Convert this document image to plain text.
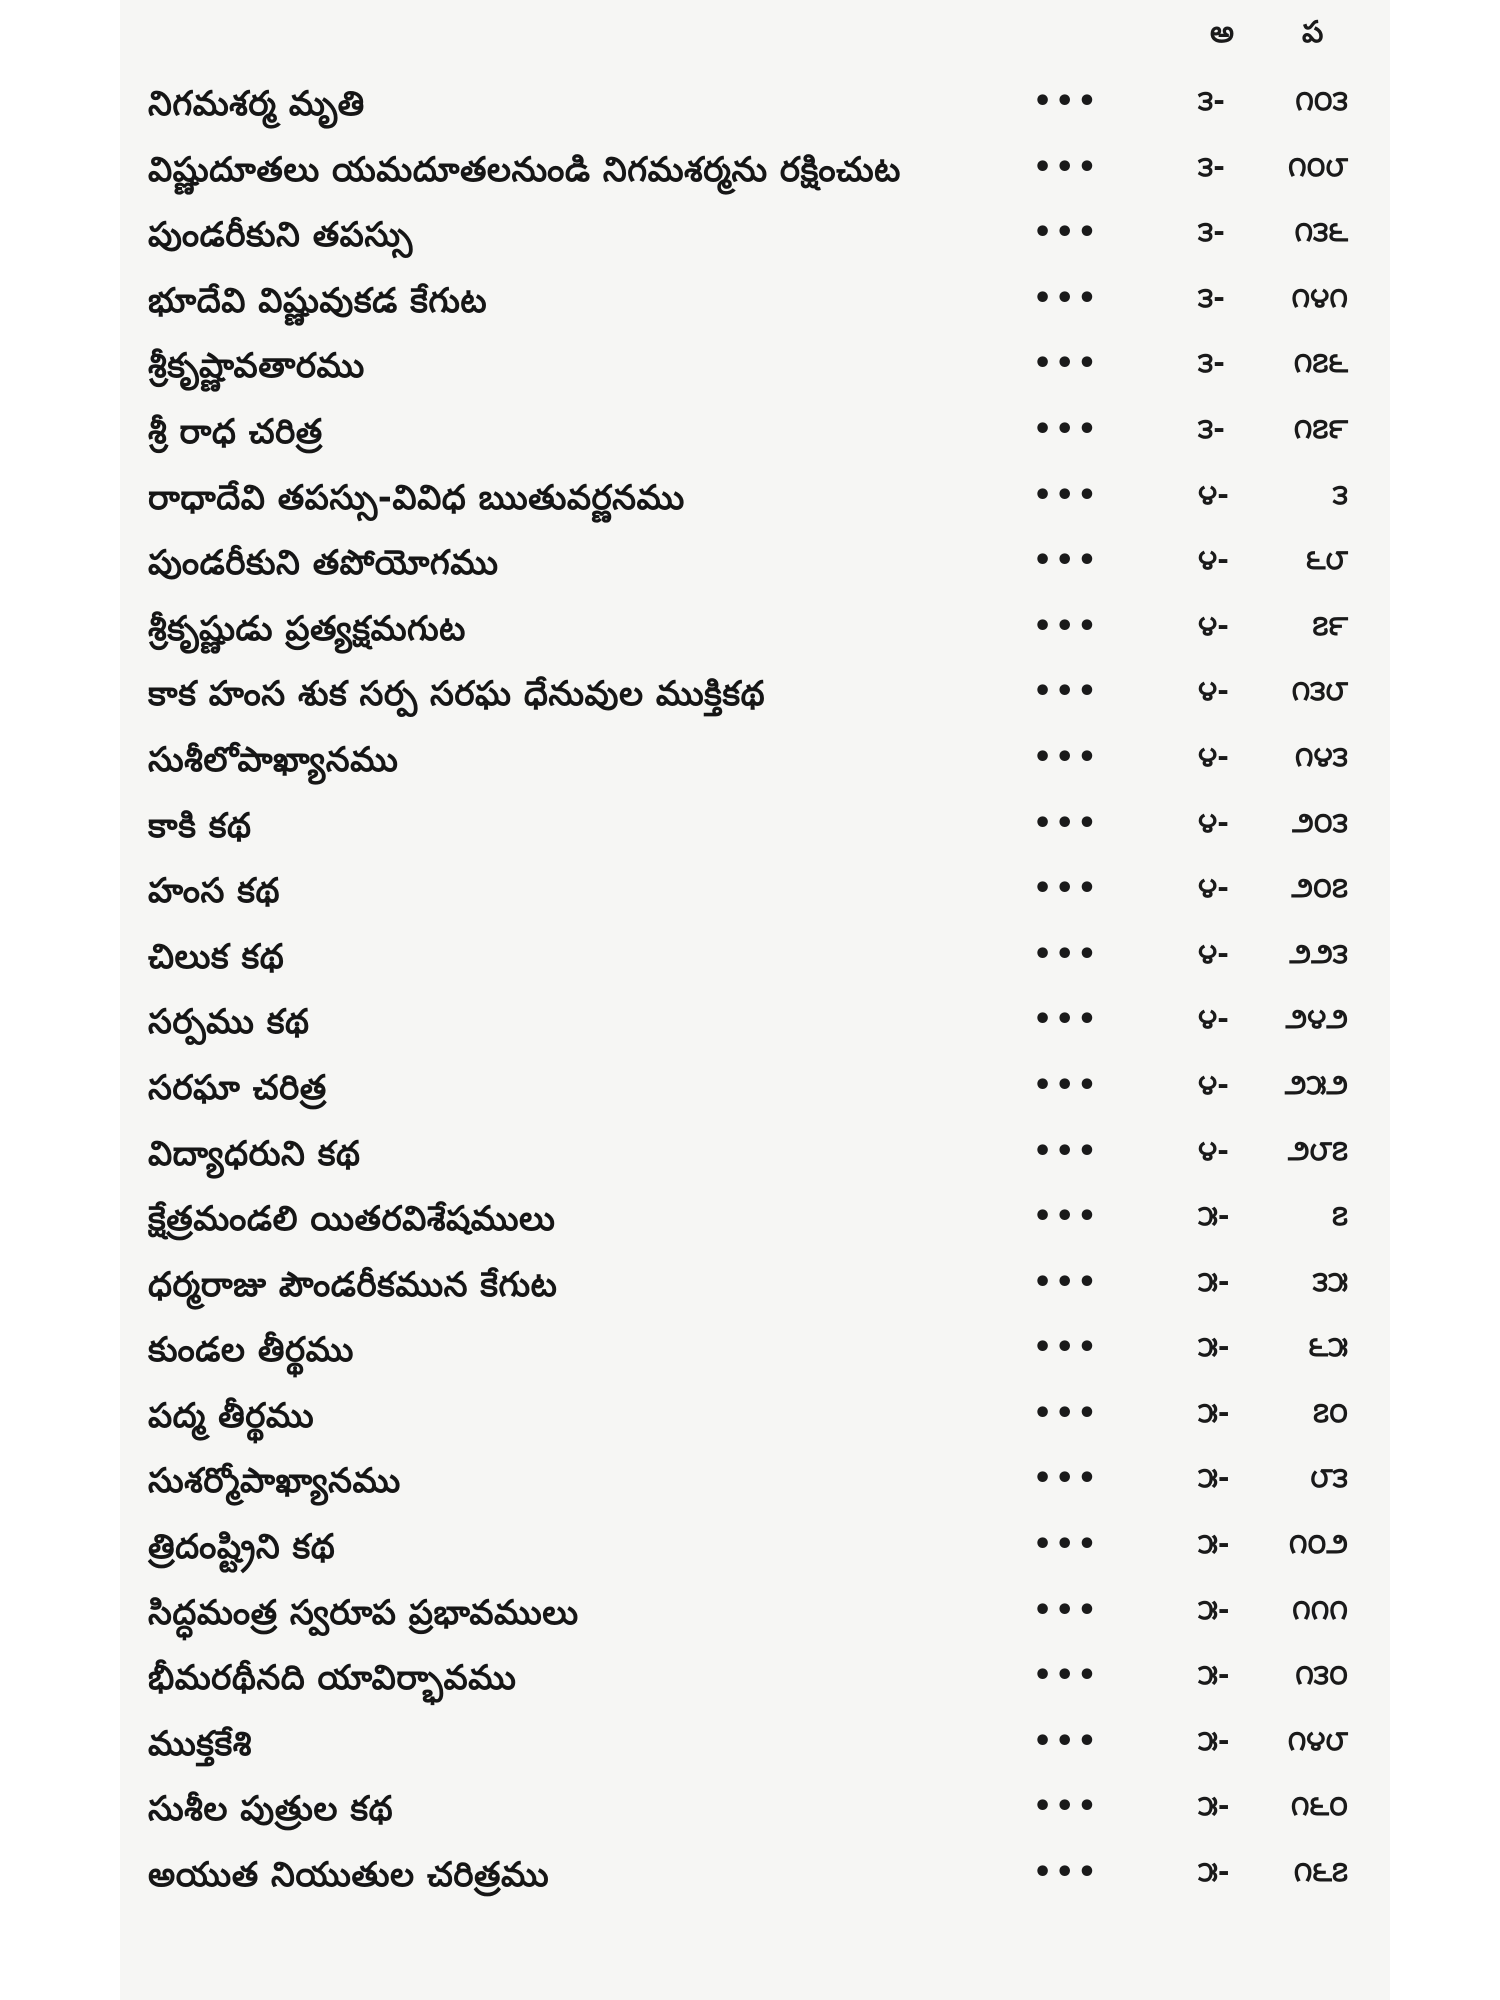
అ ప
నిగమశర్మ మృతి	•••	౩-	౧౦౩
విష్ణుదూతలు యమదూతలనుండి నిగమశర్మను రక్షించుట	•••	౩- ౧౦౮
పుండరీకుని తపస్సు	•••	౩- ౧౩౬
భూదేవి విష్ణువుకడ కేగుట	•••	౩- ౧౪౧
శ్రీకృష్ణావతారము	•••	౩- ౧౭౬
శ్రీ రాధ చరిత్ర	•••	౩- ౧౭౯
రాధాదేవి తపస్సు-వివిధ ఋతువర్ణనము	•••	౪-	౩
పుండరీకుని తపోయోగము	•••	౪-	౬౮
శ్రీకృష్ణుడు ప్రత్యక్షమగుట	•••	౪-	౭౯
కాక హంస శుక సర్ప సరఘ ధేనువుల ముక్తికథ	•••	౪- ౧౩౮
సుశీలోపాఖ్యానము	•••	౪- ౧౪౩
కాకి కథ	•••	౪- ౨౦౩
హంస కథ	•••	౪- ౨౦౭
చిలుక కథ	•••	౪- ౨౨౩
సర్పము కథ	•••	౪- ౨౪౨
సరఘా చరిత్ర	•••	౪- ౨౫౨
విద్యాధరుని కథ	•••	౪- ౨౮౭
క్షేత్రమండలి యితరవిశేషములు	•••	౫-	౭
ధర్మరాజు పౌండరీకమున కేగుట	•••	౫-	౩౫
కుండల తీర్థము	•••	౫-	౬౫
పద్మ తీర్థము	•••	౫-	౭౦
సుశర్మోపాఖ్యానము	•••	౫-	౮౩
త్రిదంష్ట్రిని కథ	•••	౫- ౧౦౨
సిద్ధమంత్ర స్వరూప ప్రభావములు	•••	౫- ౧౧౧
భీమరథీనది యావిర్భావము	•••	౫- ౧౩౦
ముక్తకేశి	•••	౫- ౧౪౮
సుశీల పుత్రుల కథ	•••	౫- ౧౬౦
అయుత నియుతుల చరిత్రము	•••	౫- ౧౬౭
